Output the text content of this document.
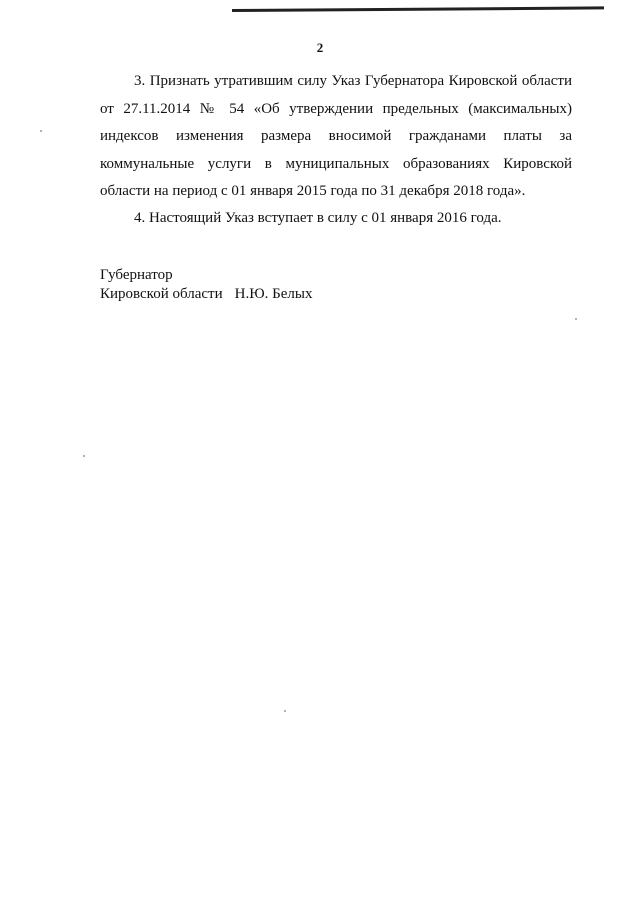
2

3. Признать утратившим силу Указ Губернатора Кировской области от 27.11.2014 № 54 «Об утверждении предельных (максимальных) индексов изменения размера вносимой гражданами платы за коммунальные услуги в муниципальных образованиях Кировской области на период с 01 января 2015 года по 31 декабря 2018 года».

4. Настоящий Указ вступает в силу с 01 января 2016 года.

Губернатор
Кировской области Н.Ю. Белых
